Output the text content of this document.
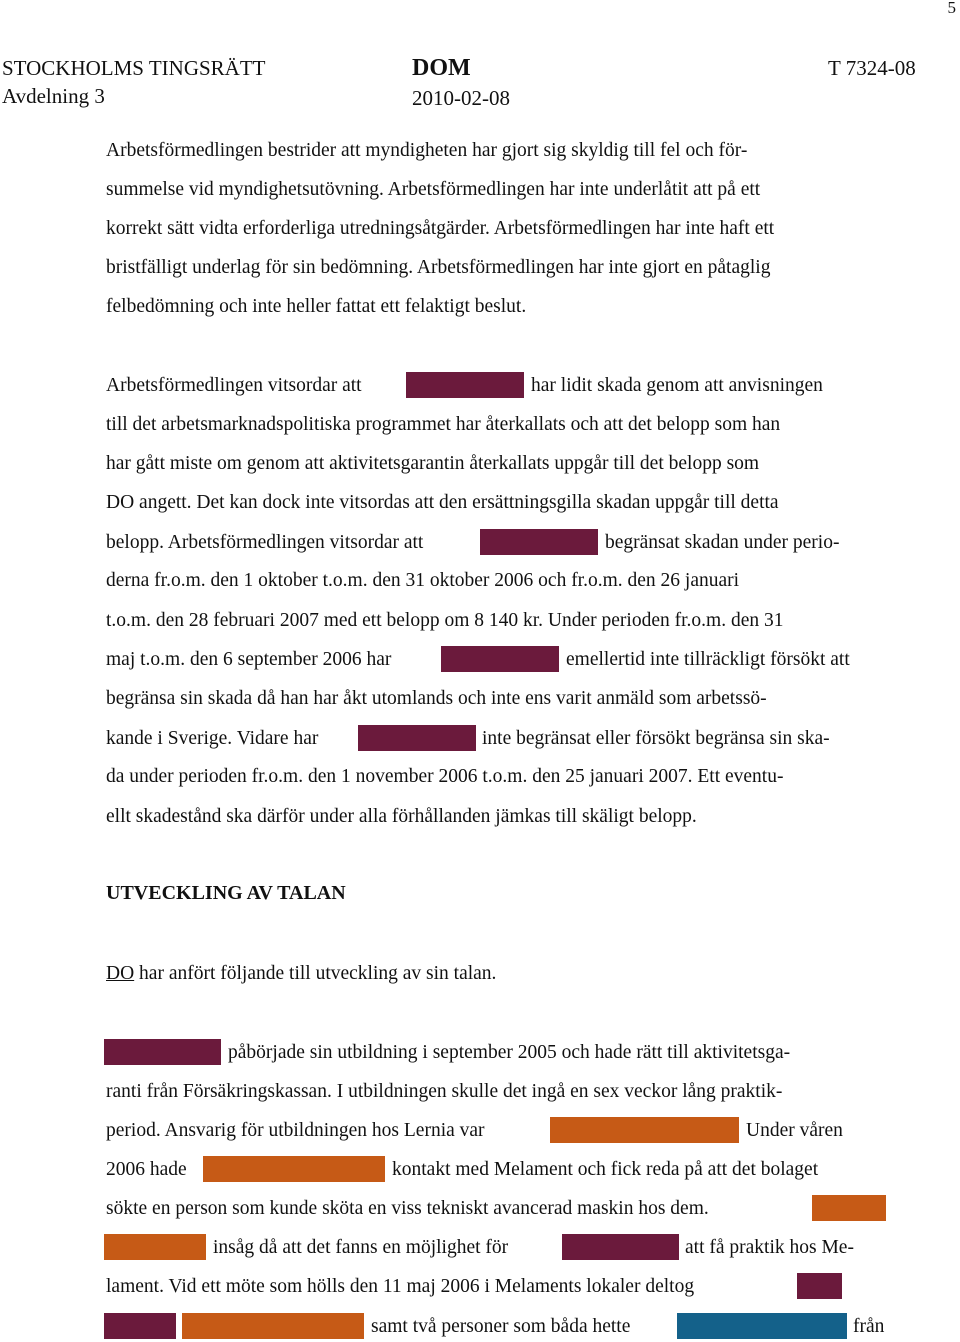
5
STOCKHOLMS TINGSRÄTT
Avdelning 3
DOM
2010-02-08
T 7324-08
Arbetsförmedlingen bestrider att myndigheten har gjort sig skyldig till fel och för-
summelse vid myndighetsutövning. Arbetsförmedlingen har inte underlåtit att på ett
korrekt sätt vidta erforderliga utredningsåtgärder. Arbetsförmedlingen har inte haft ett
bristfälligt underlag för sin bedömning. Arbetsförmedlingen har inte gjort en påtaglig
felbedömning och inte heller fattat ett felaktigt beslut.
Arbetsförmedlingen vitsordar att	har lidit skada genom att anvisningen
till det arbetsmarknadspolitiska programmet har återkallats och att det belopp som han
har gått miste om genom att aktivitetsgarantin återkallats uppgår till det belopp som
DO angett. Det kan dock inte vitsordas att den ersättningsgilla skadan uppgår till detta
belopp. Arbetsförmedlingen vitsordar att	begränsat skadan under perio-
derna fr.o.m. den 1 oktober t.o.m. den 31 oktober 2006 och fr.o.m. den 26 januari
t.o.m. den 28 februari 2007 med ett belopp om 8 140 kr. Under perioden fr.o.m. den 31
maj t.o.m. den 6 september 2006 har	emellertid inte tillräckligt försökt att
begränsa sin skada då han har åkt utomlands och inte ens varit anmäld som arbetssö-
kande i Sverige. Vidare har	inte begränsat eller försökt begränsa sin ska-
da under perioden fr.o.m. den 1 november 2006 t.o.m. den 25 januari 2007. Ett eventu-
ellt skadestånd ska därför under alla förhållanden jämkas till skäligt belopp.
UTVECKLING AV TALAN
DO har anfört följande till utveckling av sin talan.
påbörjade sin utbildning i september 2005 och hade rätt till aktivitetsga-
ranti från Försäkringskassan. I utbildningen skulle det ingå en sex veckor lång praktik-
period. Ansvarig för utbildningen hos Lernia var	Under våren
2006 hade	kontakt med Melament och fick reda på att det bolaget
sökte en person som kunde sköta en viss tekniskt avancerad maskin hos dem.
insåg då att det fanns en möjlighet för	att få praktik hos Me-
lament. Vid ett möte som hölls den 11 maj 2006 i Melaments lokaler deltog
samt två personer som båda hette	från
